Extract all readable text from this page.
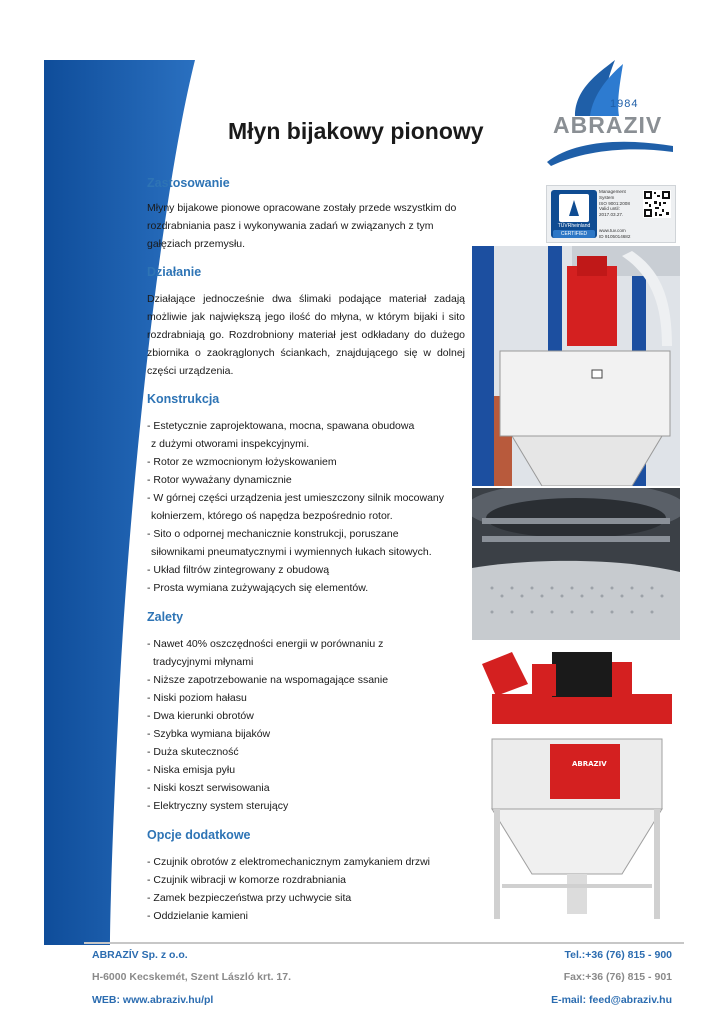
Młyn bijakowy pionowy
1984
ABRAZIV
TÜVRheinland
CERTIFIED
Management
System
ISO 9001:2008
Valid until:
2017.03.27.
www.tuv.com
ID 9105014682

Zastosowanie

Młyny bijakowe pionowe opracowane zostały przede wszystkim do rozdrabniania pasz i wykonywania zadań w związanych z tym gałęziach przemysłu.

Działanie

Działające jednocześnie dwa ślimaki podające materiał zadają możliwie jak największą jego ilość do młyna, w którym bijaki i sito rozdrabniają go. Rozdrobniony materiał jest odkładany do dużego zbiornika o zaokrąglonych ściankach, znajdującego się w dolnej części urządzenia.

Konstrukcja

- Estetycznie zaprojektowana, mocna, spawana obudowa
z dużymi otworami inspekcyjnymi.
- Rotor ze wzmocnionym łożyskowaniem
- Rotor wyważany dynamicznie
- W górnej części urządzenia jest umieszczony silnik mocowany
kołnierzem, którego oś napędza bezpośrednio rotor.
- Sito o odpornej mechanicznie konstrukcji, poruszane
siłownikami pneumatycznymi i wymiennych łukach sitowych.
- Układ filtrów zintegrowany z obudową
- Prosta wymiana zużywających się elementów.

Zalety

- Nawet 40% oszczędności energii w porównaniu z
tradycyjnymi młynami
- Niższe zapotrzebowanie na wspomagające ssanie
- Niski poziom hałasu
- Dwa kierunki obrotów
- Szybka wymiana bijaków
- Duża skuteczność
- Niska emisja pyłu
- Niski koszt serwisowania
- Elektryczny system sterujący

Opcje dodatkowe

- Czujnik obrotów z elektromechanicznym zamykaniem drzwi
- Czujnik wibracji w komorze rozdrabniania
- Zamek bezpieczeństwa przy uchwycie sita
- Oddzielanie kamieni
ABRAZIV
ABRAZÍV Sp. z o.o.
H-6000 Kecskemét, Szent László krt. 17.
WEB: www.abraziv.hu/pl
Tel.:+36 (76) 815 - 900
Fax:+36 (76) 815 - 901
E-mail: feed@abraziv.hu
